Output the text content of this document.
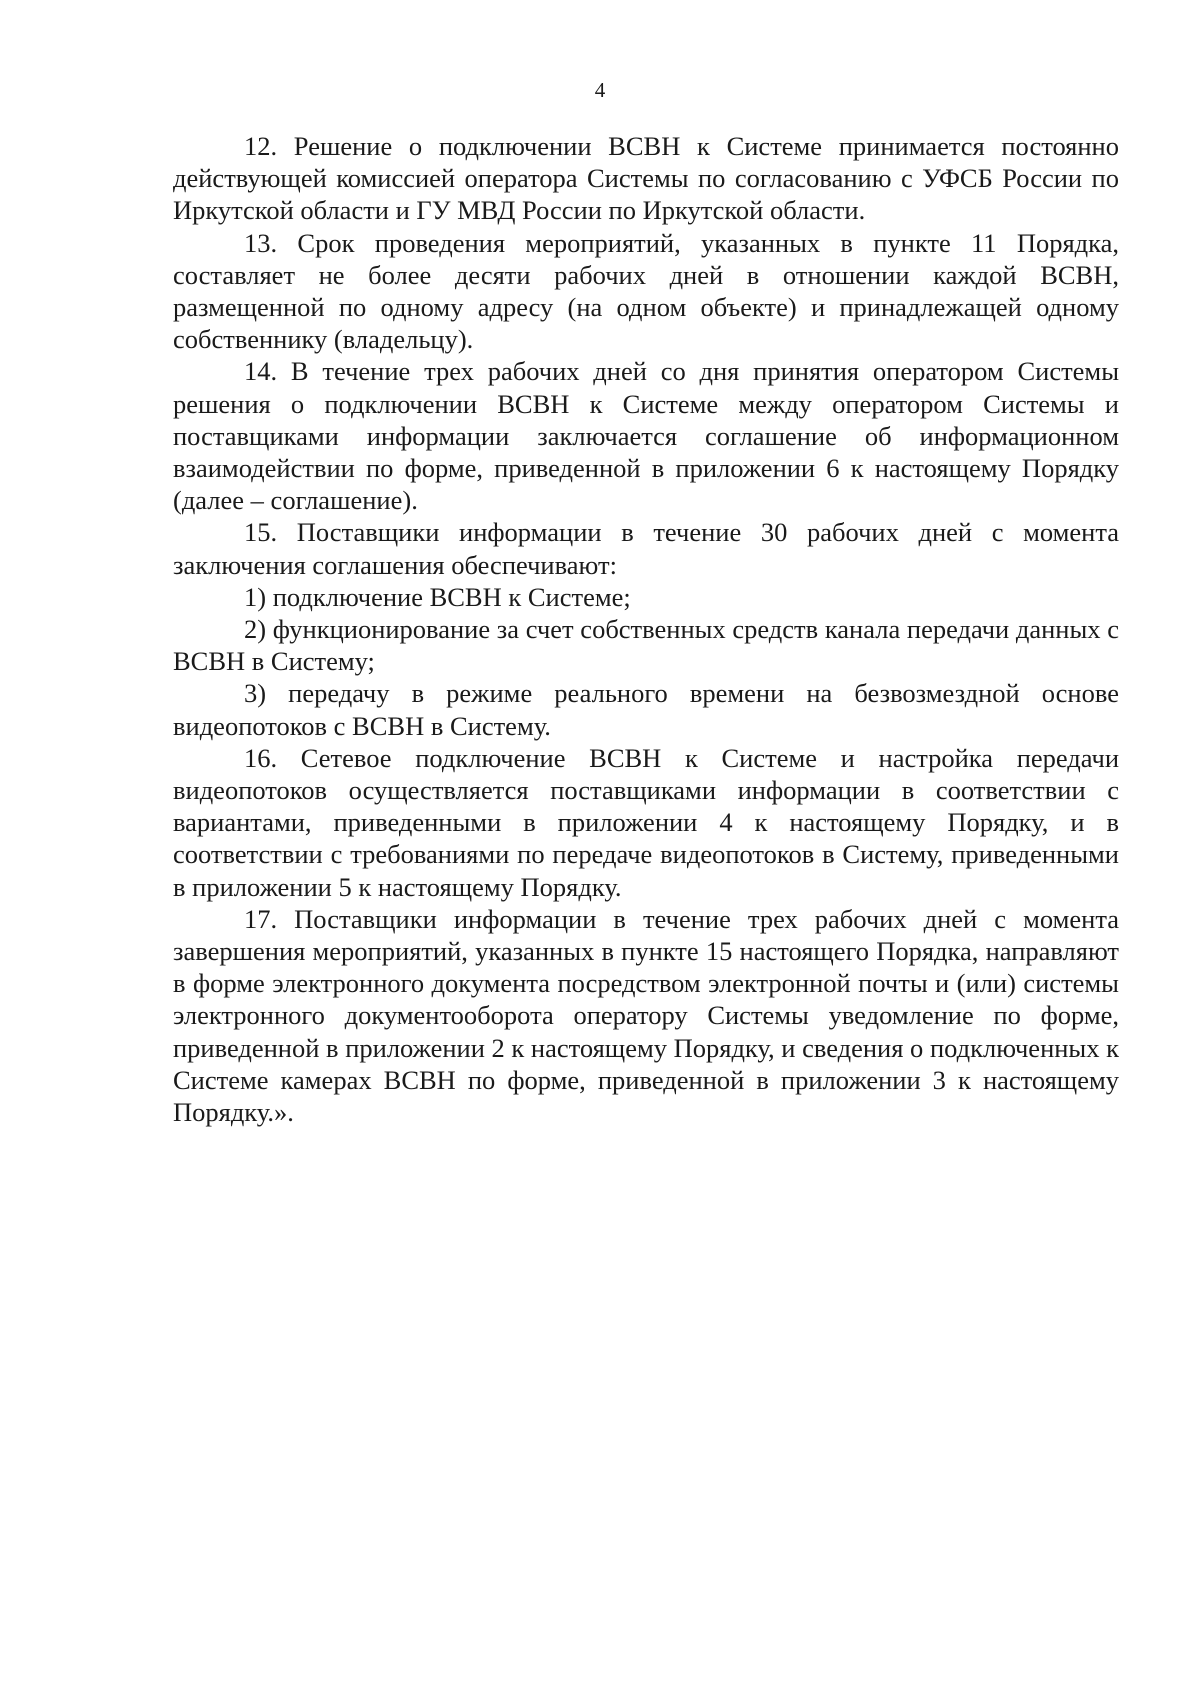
4

12. Решение о подключении ВСВН к Системе принимается постоянно действующей комиссией оператора Системы по согласованию с УФСБ России по Иркутской области и ГУ МВД России по Иркутской области.

13. Срок проведения мероприятий, указанных в пункте 11 Порядка, составляет не более десяти рабочих дней в отношении каждой ВСВН, размещенной по одному адресу (на одном объекте) и принадлежащей одному собственнику (владельцу).

14. В течение трех рабочих дней со дня принятия оператором Системы решения о подключении ВСВН к Системе между оператором Системы и поставщиками информации заключается соглашение об информационном взаимодействии по форме, приведенной в приложении 6 к настоящему Порядку (далее – соглашение).

15. Поставщики информации в течение 30 рабочих дней с момента заключения соглашения обеспечивают:

1) подключение ВСВН к Системе;

2) функционирование за счет собственных средств канала передачи данных с ВСВН в Систему;

3) передачу в режиме реального времени на безвозмездной основе видеопотоков с ВСВН в Систему.

16. Сетевое подключение ВСВН к Системе и настройка передачи видеопотоков осуществляется поставщиками информации в соответствии с вариантами, приведенными в приложении 4 к настоящему Порядку, и в соответствии с требованиями по передаче видеопотоков в Систему, приведенными в приложении 5 к настоящему Порядку.

17. Поставщики информации в течение трех рабочих дней с момента завершения мероприятий, указанных в пункте 15 настоящего Порядка, направляют в форме электронного документа посредством электронной почты и (или) системы электронного документооборота оператору Системы уведомление по форме, приведенной в приложении 2 к настоящему Порядку, и сведения о подключенных к Системе камерах ВСВН по форме, приведенной в приложении 3 к настоящему Порядку.».
